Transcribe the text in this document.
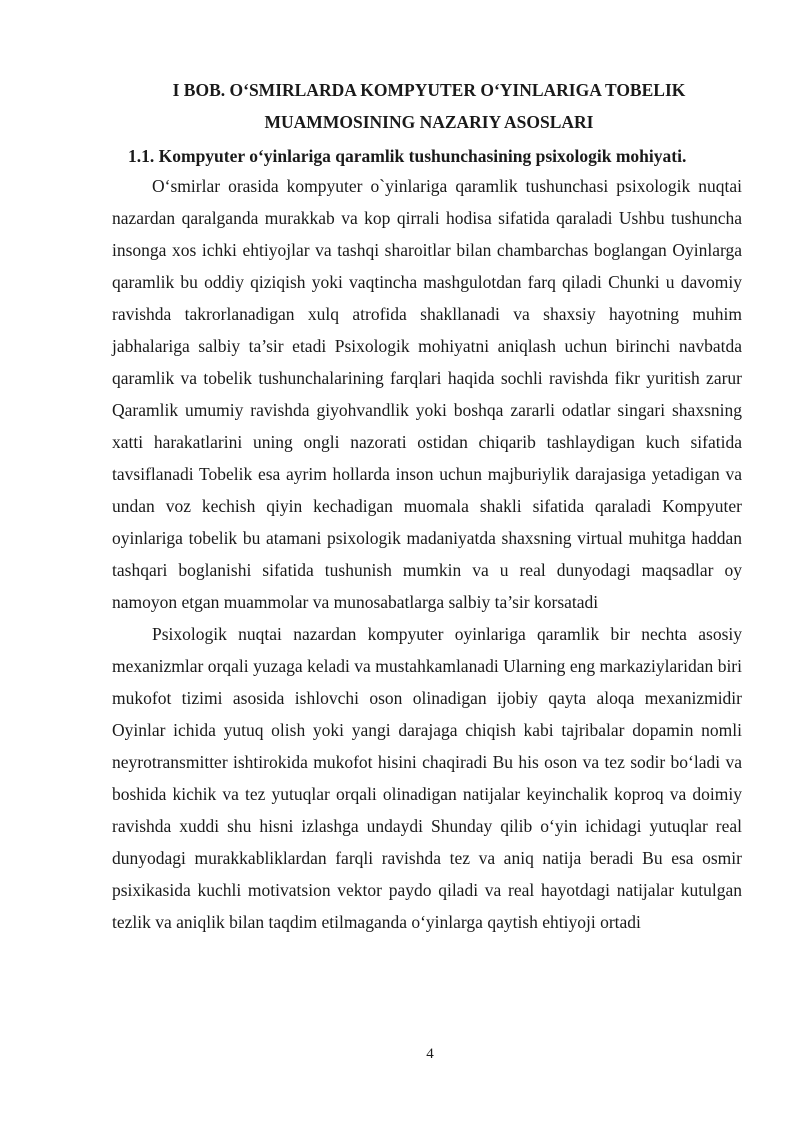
I BOB. O‘SMIRLARDA KOMPYUTER O‘YINLARIGA TOBELIK
MUAMMOSINING NAZARIY ASOSLARI
1.1. Kompyuter o‘yinlariga qaramlik tushunchasining psixologik mohiyati.

O‘smirlar orasida kompyuter o`yinlariga qaramlik tushunchasi psixologik nuqtai nazardan qaralganda murakkab va kop qirrali hodisa sifatida qaraladi Ushbu tushuncha insonga xos ichki ehtiyojlar va tashqi sharoitlar bilan chambarchas boglangan Oyinlarga qaramlik bu oddiy qiziqish yoki vaqtincha mashgulotdan farq qiladi Chunki u davomiy ravishda takrorlanadigan xulq atrofida shakllanadi va shaxsiy hayotning muhim jabhalariga salbiy ta’sir etadi Psixologik mohiyatni aniqlash uchun birinchi navbatda qaramlik va tobelik tushunchalarining farqlari haqida sochli ravishda fikr yuritish zarur Qaramlik umumiy ravishda giyohvandlik yoki boshqa zararli odatlar singari shaxsning xatti harakatlarini uning ongli nazorati ostidan chiqarib tashlaydigan kuch sifatida tavsiflanadi Tobelik esa ayrim hollarda inson uchun majburiylik darajasiga yetadigan va undan voz kechish qiyin kechadigan muomala shakli sifatida qaraladi Kompyuter oyinlariga tobelik bu atamani psixologik madaniyatda shaxsning virtual muhitga haddan tashqari boglanishi sifatida tushunish mumkin va u real dunyodagi maqsadlar oy namoyon etgan muammolar va munosabatlarga salbiy ta’sir korsatadi

Psixologik nuqtai nazardan kompyuter oyinlariga qaramlik bir nechta asosiy mexanizmlar orqali yuzaga keladi va mustahkamlanadi Ularning eng markaziylaridan biri mukofot tizimi asosida ishlovchi oson olinadigan ijobiy qayta aloqa mexanizmidir Oyinlar ichida yutuq olish yoki yangi darajaga chiqish kabi tajribalar dopamin nomli neyrotransmitter ishtirokida mukofot hisini chaqiradi Bu his oson va tez sodir bo‘ladi va boshida kichik va tez yutuqlar orqali olinadigan natijalar keyinchalik koproq va doimiy ravishda xuddi shu hisni izlashga undaydi Shunday qilib o‘yin ichidagi yutuqlar real dunyodagi murakkabliklardan farqli ravishda tez va aniq natija beradi Bu esa osmir psixikasida kuchli motivatsion vektor paydo qiladi va real hayotdagi natijalar kutulgan tezlik va aniqlik bilan taqdim etilmaganda o‘yinlarga qaytish ehtiyoji ortadi

4
